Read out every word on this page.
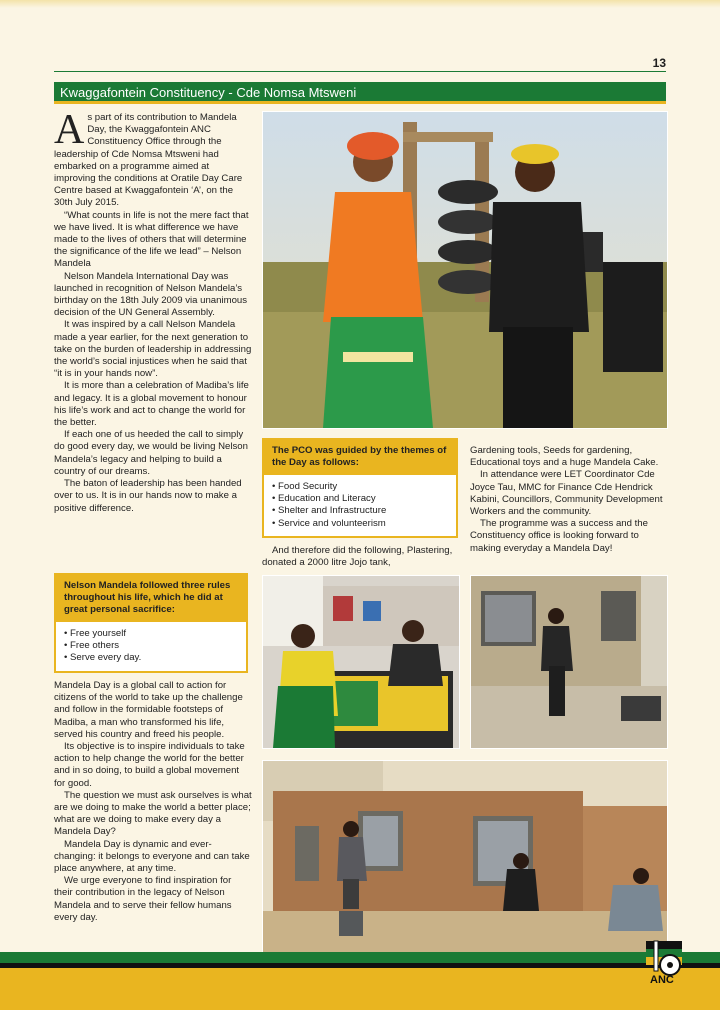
13
Kwaggafontein Constituency - Cde Nomsa Mtsweni
A s part of its contribution to Mandela Day, the Kwaggafontein ANC Constituency Office through the leadership of Cde Nomsa Mtsweni had embarked on a programme aimed at improving the conditions at Oratile Day Care Centre based at Kwaggafontein ‘A’, on the 30th July 2015.

“What counts in life is not the mere fact that we have lived. It is what difference we have made to the lives of others that will determine the significance of the life we lead” – Nelson Mandela

Nelson Mandela International Day was launched in recognition of Nelson Mandela’s birthday on the 18th July 2009 via unanimous decision of the UN General Assembly.

It was inspired by a call Nelson Mandela made a year earlier, for the next generation to take on the burden of leadership in addressing the world’s social injustices when he said that “it is in your hands now”.

It is more than a celebration of Madiba’s life and legacy. It is a global movement to honour his life’s work and act to change the world for the better.

If each one of us heeded the call to simply do good every day, we would be living Nelson Mandela’s legacy and helping to build a country of our dreams.

The baton of leadership has been handed over to us. It is in our hands now to make a positive difference.

Nelson Mandela followed three rules throughout his life, which he did at great personal sacrifice:
• Free yourself
• Free others
• Serve every day.

Mandela Day is a global call to action for citizens of the world to take up the challenge and follow in the formidable footsteps of Madiba, a man who transformed his life, served his country and freed his people.

Its objective is to inspire individuals to take action to help change the world for the better and in so doing, to build a global movement for good.

The question we must ask ourselves is what are we doing to make the world a better place; what are we doing to make every day a Mandela Day?

Mandela Day is dynamic and ever-changing: it belongs to everyone and can take place anywhere, at any time.

We urge everyone to find inspiration for their contribution in the legacy of Nelson Mandela and to serve their fellow humans every day.

The PCO was guided by the themes of the Day as follows:
• Food Security
• Education and Literacy
• Shelter and Infrastructure
• Service and volunteerism

And therefore did the following, Plastering, donated a 2000 litre Jojo tank,

Gardening tools, Seeds for gardening, Educational toys and a huge Mandela Cake.

In attendance were LET Coordinator Cde Joyce Tau, MMC for Finance Cde Hendrick Kabini, Councillors, Community Development Workers and the community.

The programme was a success and the Constituency office is looking forward to making everyday a Mandela Day!

ANC
